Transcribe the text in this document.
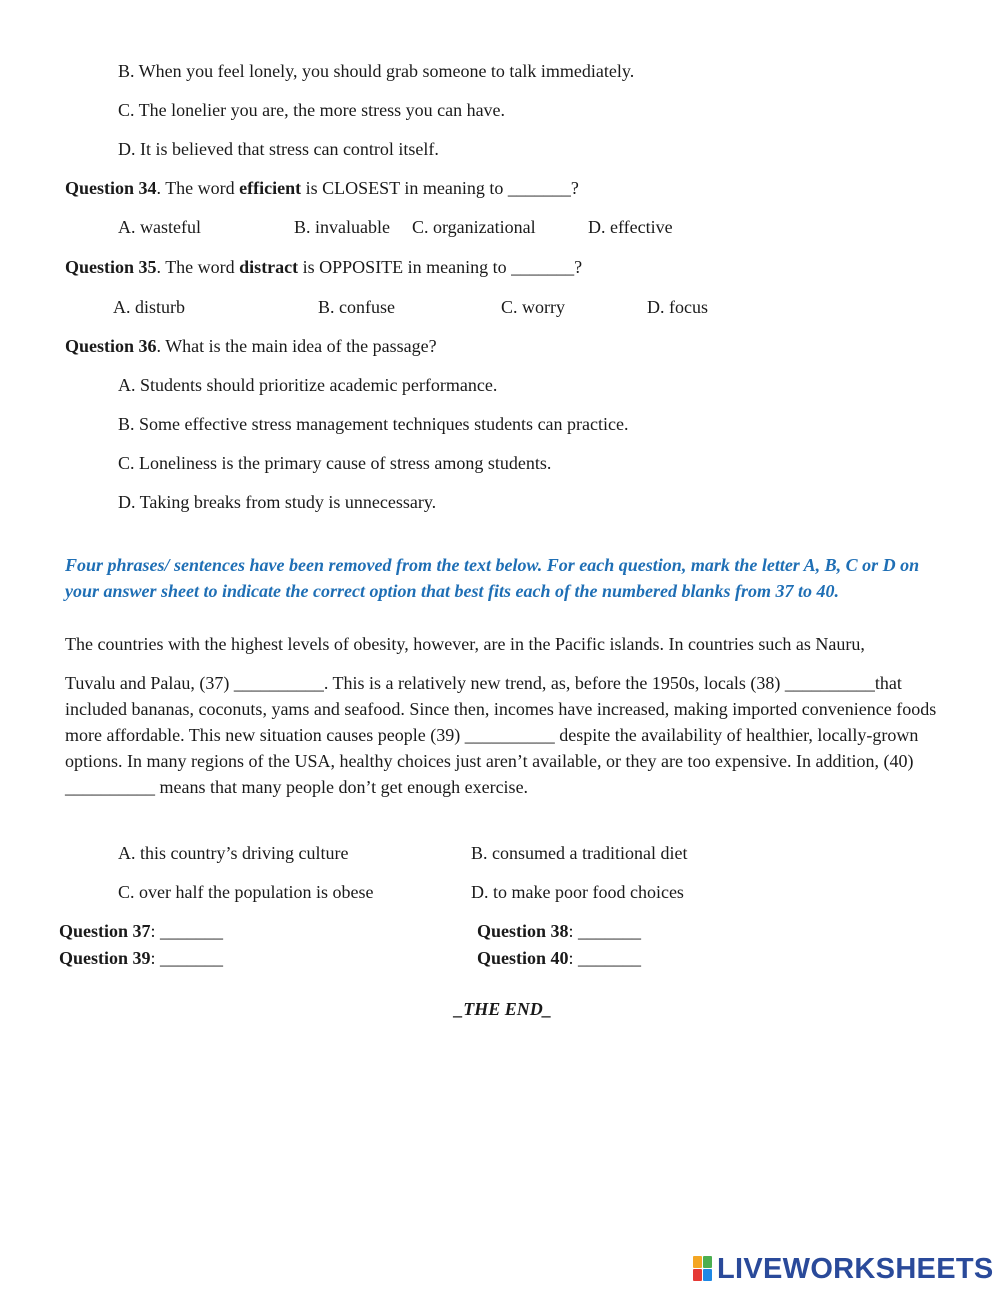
B. When you feel lonely, you should grab someone to talk immediately.
C. The lonelier you are, the more stress you can have.
D. It is believed that stress can control itself.
Question 34. The word efficient is CLOSEST in meaning to _______?
A. wasteful	B. invaluable C. organizational	D. effective
Question 35. The word distract is OPPOSITE in meaning to _______?
A. disturb	B. confuse	C. worry	D. focus
Question 36. What is the main idea of the passage?
A. Students should prioritize academic performance.
B. Some effective stress management techniques students can practice.
C. Loneliness is the primary cause of stress among students.
D. Taking breaks from study is unnecessary.
Four phrases/ sentences have been removed from the text below. For each question, mark the letter A, B, C or D on your answer sheet to indicate the correct option that best fits each of the numbered blanks from 37 to 40.
The countries with the highest levels of obesity, however, are in the Pacific islands. In countries such as Nauru,
Tuvalu and Palau, (37) __________. This is a relatively new trend, as, before the 1950s, locals (38) __________that included bananas, coconuts, yams and seafood. Since then, incomes have increased, making imported convenience foods more affordable. This new situation causes people (39) __________ despite the availability of healthier, locally-grown options. In many regions of the USA, healthy choices just aren’t available, or they are too expensive. In addition, (40) __________ means that many people don’t get enough exercise.
A. this country’s driving culture	B. consumed a traditional diet
C. over half the population is obese	D. to make poor food choices
Question 37: _______	Question 38: _______
Question 39: _______	Question 40: _______
_THE END_
LIVEWORKSHEETS
